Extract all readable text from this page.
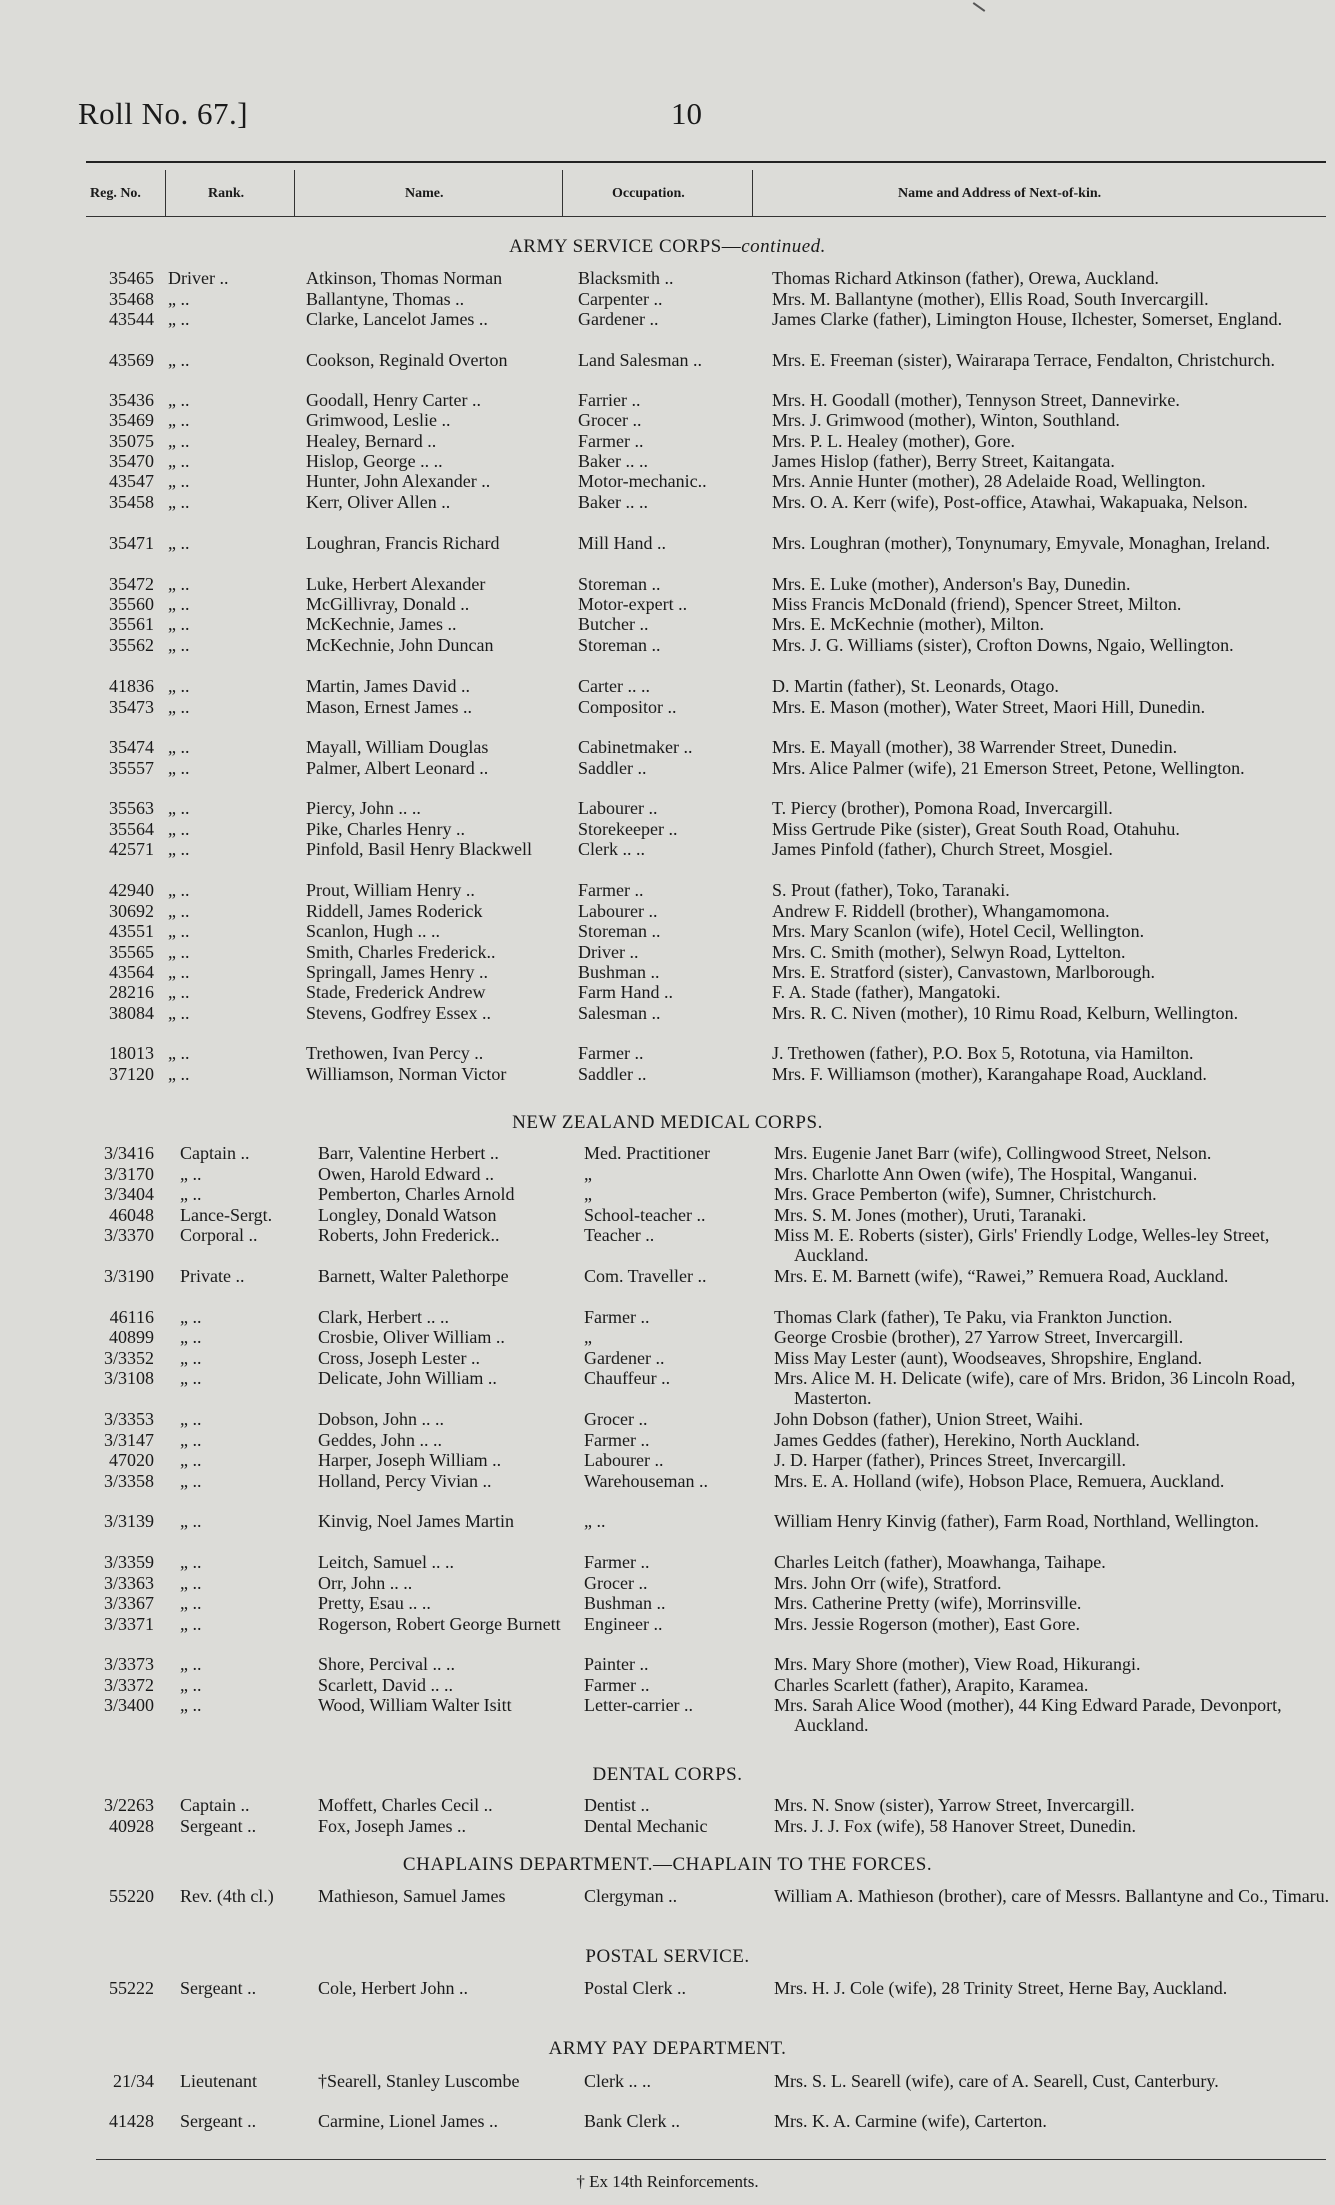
Roll No. 67.]	10
Reg. No.	Rank.	Name.	Occupation.	Name and Address of Next-of-kin.
ARMY SERVICE CORPS—continued.
35465 Driver ..	Atkinson, Thomas Norman	Blacksmith ..	Thomas Richard Atkinson (father), Orewa, Auckland.
35468 „ ..	Ballantyne, Thomas ..	Carpenter ..	Mrs. M. Ballantyne (mother), Ellis Road, South Invercargill.
43544 „ ..	Clarke, Lancelot James ..	Gardener ..	James Clarke (father), Limington House, Ilchester, Somerset, England.
43569 „ ..	Cookson, Reginald Overton	Land Salesman ..	Mrs. E. Freeman (sister), Wairarapa Terrace, Fendalton, Christchurch.
35436 „ ..	Goodall, Henry Carter ..	Farrier ..	Mrs. H. Goodall (mother), Tennyson Street, Dannevirke.
35469 „ ..	Grimwood, Leslie ..	Grocer ..	Mrs. J. Grimwood (mother), Winton, Southland.
35075 „ ..	Healey, Bernard ..	Farmer ..	Mrs. P. L. Healey (mother), Gore.
35470 „ ..	Hislop, George .. ..	Baker .. ..	James Hislop (father), Berry Street, Kaitangata.
43547 „ ..	Hunter, John Alexander ..	Motor-mechanic..	Mrs. Annie Hunter (mother), 28 Adelaide Road, Wellington.
35458 „ ..	Kerr, Oliver Allen ..	Baker .. ..	Mrs. O. A. Kerr (wife), Post-office, Atawhai, Wakapuaka, Nelson.
35471 „ ..	Loughran, Francis Richard	Mill Hand ..	Mrs. Loughran (mother), Tonynumary, Emyvale, Monaghan, Ireland.
35472 „ ..	Luke, Herbert Alexander	Storeman ..	Mrs. E. Luke (mother), Anderson's Bay, Dunedin.
35560 „ ..	McGillivray, Donald ..	Motor-expert ..	Miss Francis McDonald (friend), Spencer Street, Milton.
35561 „ ..	McKechnie, James ..	Butcher ..	Mrs. E. McKechnie (mother), Milton.
35562 „ ..	McKechnie, John Duncan	Storeman ..	Mrs. J. G. Williams (sister), Crofton Downs, Ngaio, Wellington.
41836 „ ..	Martin, James David ..	Carter .. ..	D. Martin (father), St. Leonards, Otago.
35473 „ ..	Mason, Ernest James ..	Compositor ..	Mrs. E. Mason (mother), Water Street, Maori Hill, Dunedin.
35474 „ ..	Mayall, William Douglas	Cabinetmaker ..	Mrs. E. Mayall (mother), 38 Warrender Street, Dunedin.
35557 „ ..	Palmer, Albert Leonard ..	Saddler ..	Mrs. Alice Palmer (wife), 21 Emerson Street, Petone, Wellington.
35563 „ ..	Piercy, John .. ..	Labourer ..	T. Piercy (brother), Pomona Road, Invercargill.
35564 „ ..	Pike, Charles Henry ..	Storekeeper ..	Miss Gertrude Pike (sister), Great South Road, Otahuhu.
42571 „ ..	Pinfold, Basil Henry Blackwell	Clerk .. ..	James Pinfold (father), Church Street, Mosgiel.
42940 „ ..	Prout, William Henry ..	Farmer ..	S. Prout (father), Toko, Taranaki.
30692 „ ..	Riddell, James Roderick	Labourer ..	Andrew F. Riddell (brother), Whangamomona.
43551 „ ..	Scanlon, Hugh .. ..	Storeman ..	Mrs. Mary Scanlon (wife), Hotel Cecil, Wellington.
35565 „ ..	Smith, Charles Frederick..	Driver ..	Mrs. C. Smith (mother), Selwyn Road, Lyttelton.
43564 „ ..	Springall, James Henry ..	Bushman ..	Mrs. E. Stratford (sister), Canvastown, Marlborough.
28216 „ ..	Stade, Frederick Andrew	Farm Hand ..	F. A. Stade (father), Mangatoki.
38084 „ ..	Stevens, Godfrey Essex ..	Salesman ..	Mrs. R. C. Niven (mother), 10 Rimu Road, Kelburn, Wellington.
18013 „ ..	Trethowen, Ivan Percy ..	Farmer ..	J. Trethowen (father), P.O. Box 5, Rototuna, via Hamilton.
37120 „ ..	Williamson, Norman Victor	Saddler ..	Mrs. F. Williamson (mother), Karangahape Road, Auckland.
NEW ZEALAND MEDICAL CORPS.
3/3416 Captain ..	Barr, Valentine Herbert ..	Med. Practitioner	Mrs. Eugenie Janet Barr (wife), Collingwood Street, Nelson.
3/3170 „ ..	Owen, Harold Edward ..	„	Mrs. Charlotte Ann Owen (wife), The Hospital, Wanganui.
3/3404 „ ..	Pemberton, Charles Arnold	„	Mrs. Grace Pemberton (wife), Sumner, Christchurch.
46048 Lance-Sergt.	Longley, Donald Watson	School-teacher ..	Mrs. S. M. Jones (mother), Uruti, Taranaki.
3/3370 Corporal ..	Roberts, John Frederick..	Teacher ..	Miss M. E. Roberts (sister), Girls' Friendly Lodge, Welles-ley Street, Auckland.
3/3190 Private ..	Barnett, Walter Palethorpe	Com. Traveller ..	Mrs. E. M. Barnett (wife), “Rawei,” Remuera Road, Auckland.
46116 „ ..	Clark, Herbert .. ..	Farmer ..	Thomas Clark (father), Te Paku, via Frankton Junction.
40899 „ ..	Crosbie, Oliver William ..	„	George Crosbie (brother), 27 Yarrow Street, Invercargill.
3/3352 „ ..	Cross, Joseph Lester ..	Gardener ..	Miss May Lester (aunt), Woodseaves, Shropshire, England.
3/3108 „ ..	Delicate, John William ..	Chauffeur ..	Mrs. Alice M. H. Delicate (wife), care of Mrs. Bridon, 36 Lincoln Road, Masterton.
3/3353 „ ..	Dobson, John .. ..	Grocer ..	John Dobson (father), Union Street, Waihi.
3/3147 „ ..	Geddes, John .. ..	Farmer ..	James Geddes (father), Herekino, North Auckland.
47020 „ ..	Harper, Joseph William ..	Labourer ..	J. D. Harper (father), Princes Street, Invercargill.
3/3358 „ ..	Holland, Percy Vivian ..	Warehouseman ..	Mrs. E. A. Holland (wife), Hobson Place, Remuera, Auckland.
3/3139 „ ..	Kinvig, Noel James Martin	„ ..	William Henry Kinvig (father), Farm Road, Northland, Wellington.
3/3359 „ ..	Leitch, Samuel .. ..	Farmer ..	Charles Leitch (father), Moawhanga, Taihape.
3/3363 „ ..	Orr, John .. ..	Grocer ..	Mrs. John Orr (wife), Stratford.
3/3367 „ ..	Pretty, Esau .. ..	Bushman ..	Mrs. Catherine Pretty (wife), Morrinsville.
3/3371 „ ..	Rogerson, Robert George Burnett	Engineer ..	Mrs. Jessie Rogerson (mother), East Gore.
3/3373 „ ..	Shore, Percival .. ..	Painter ..	Mrs. Mary Shore (mother), View Road, Hikurangi.
3/3372 „ ..	Scarlett, David .. ..	Farmer ..	Charles Scarlett (father), Arapito, Karamea.
3/3400 „ ..	Wood, William Walter Isitt	Letter-carrier ..	Mrs. Sarah Alice Wood (mother), 44 King Edward Parade, Devonport, Auckland.
DENTAL CORPS.
3/2263 Captain ..	Moffett, Charles Cecil ..	Dentist ..	Mrs. N. Snow (sister), Yarrow Street, Invercargill.
40928 Sergeant ..	Fox, Joseph James ..	Dental Mechanic	Mrs. J. J. Fox (wife), 58 Hanover Street, Dunedin.
CHAPLAINS DEPARTMENT.—CHAPLAIN TO THE FORCES.
55220 Rev. (4th cl.)	Mathieson, Samuel James	Clergyman ..	William A. Mathieson (brother), care of Messrs. Ballantyne and Co., Timaru.
POSTAL SERVICE.
55222 Sergeant ..	Cole, Herbert John ..	Postal Clerk ..	Mrs. H. J. Cole (wife), 28 Trinity Street, Herne Bay, Auckland.
ARMY PAY DEPARTMENT.
21/34 Lieutenant	†Searell, Stanley Luscombe	Clerk .. ..	Mrs. S. L. Searell (wife), care of A. Searell, Cust, Canterbury.
41428 Sergeant ..	Carmine, Lionel James ..	Bank Clerk ..	Mrs. K. A. Carmine (wife), Carterton.
† Ex 14th Reinforcements.
